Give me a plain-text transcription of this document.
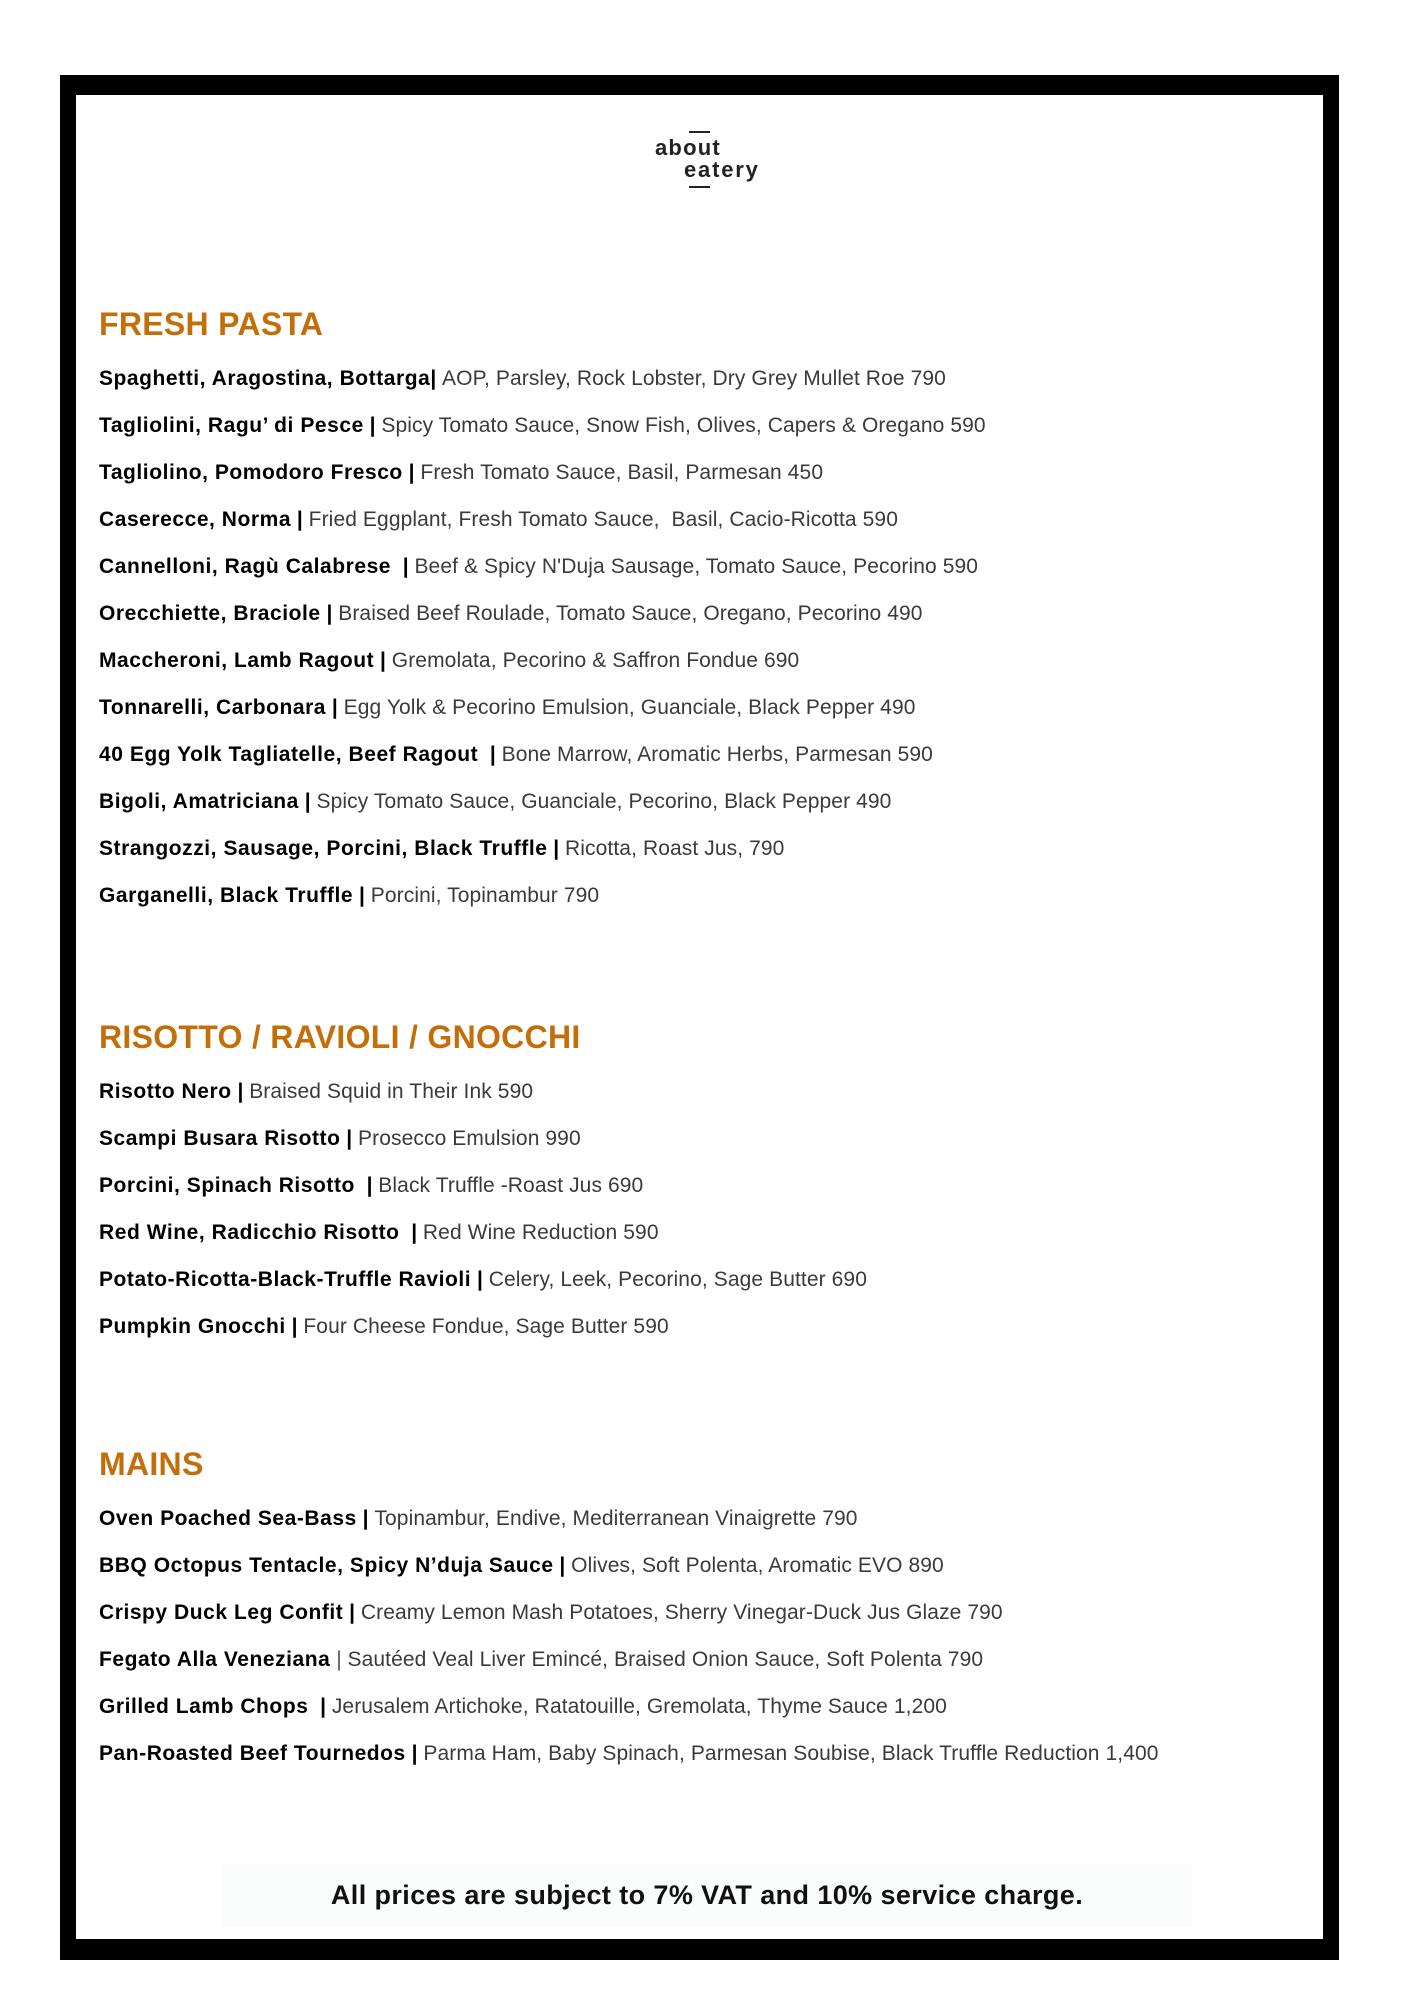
about
eatery
FRESH PASTA
Spaghetti, Aragostina, Bottarga| AOP, Parsley, Rock Lobster, Dry Grey Mullet Roe 790
Tagliolini, Ragu’ di Pesce | Spicy Tomato Sauce, Snow Fish, Olives, Capers & Oregano 590
Tagliolino, Pomodoro Fresco | Fresh Tomato Sauce, Basil, Parmesan 450
Caserecce, Norma | Fried Eggplant, Fresh Tomato Sauce,  Basil, Cacio-Ricotta 590
Cannelloni, Ragù Calabrese | Beef & Spicy N'Duja Sausage, Tomato Sauce, Pecorino 590
Orecchiette, Braciole | Braised Beef Roulade, Tomato Sauce, Oregano, Pecorino 490
Maccheroni, Lamb Ragout | Gremolata, Pecorino & Saffron Fondue 690
Tonnarelli, Carbonara | Egg Yolk & Pecorino Emulsion, Guanciale, Black Pepper 490
40 Egg Yolk Tagliatelle, Beef Ragout | Bone Marrow, Aromatic Herbs, Parmesan 590
Bigoli, Amatriciana | Spicy Tomato Sauce, Guanciale, Pecorino, Black Pepper 490
Strangozzi, Sausage, Porcini, Black Truffle | Ricotta, Roast Jus, 790
Garganelli, Black Truffle | Porcini, Topinambur 790
RISOTTO / RAVIOLI / GNOCCHI
Risotto Nero | Braised Squid in Their Ink 590
Scampi Busara Risotto | Prosecco Emulsion 990
Porcini, Spinach Risotto | Black Truffle -Roast Jus 690
Red Wine, Radicchio Risotto | Red Wine Reduction 590
Potato-Ricotta-Black-Truffle Ravioli | Celery, Leek, Pecorino, Sage Butter 690
Pumpkin Gnocchi | Four Cheese Fondue, Sage Butter 590
MAINS
Oven Poached Sea-Bass | Topinambur, Endive, Mediterranean Vinaigrette 790
BBQ Octopus Tentacle, Spicy N’duja Sauce | Olives, Soft Polenta, Aromatic EVO 890
Crispy Duck Leg Confit | Creamy Lemon Mash Potatoes, Sherry Vinegar-Duck Jus Glaze 790
Fegato Alla Veneziana | Sautéed Veal Liver Emincé, Braised Onion Sauce, Soft Polenta 790
Grilled Lamb Chops | Jerusalem Artichoke, Ratatouille, Gremolata, Thyme Sauce 1,200
Pan-Roasted Beef Tournedos | Parma Ham, Baby Spinach, Parmesan Soubise, Black Truffle Reduction 1,400
All prices are subject to 7% VAT and 10% service charge.
